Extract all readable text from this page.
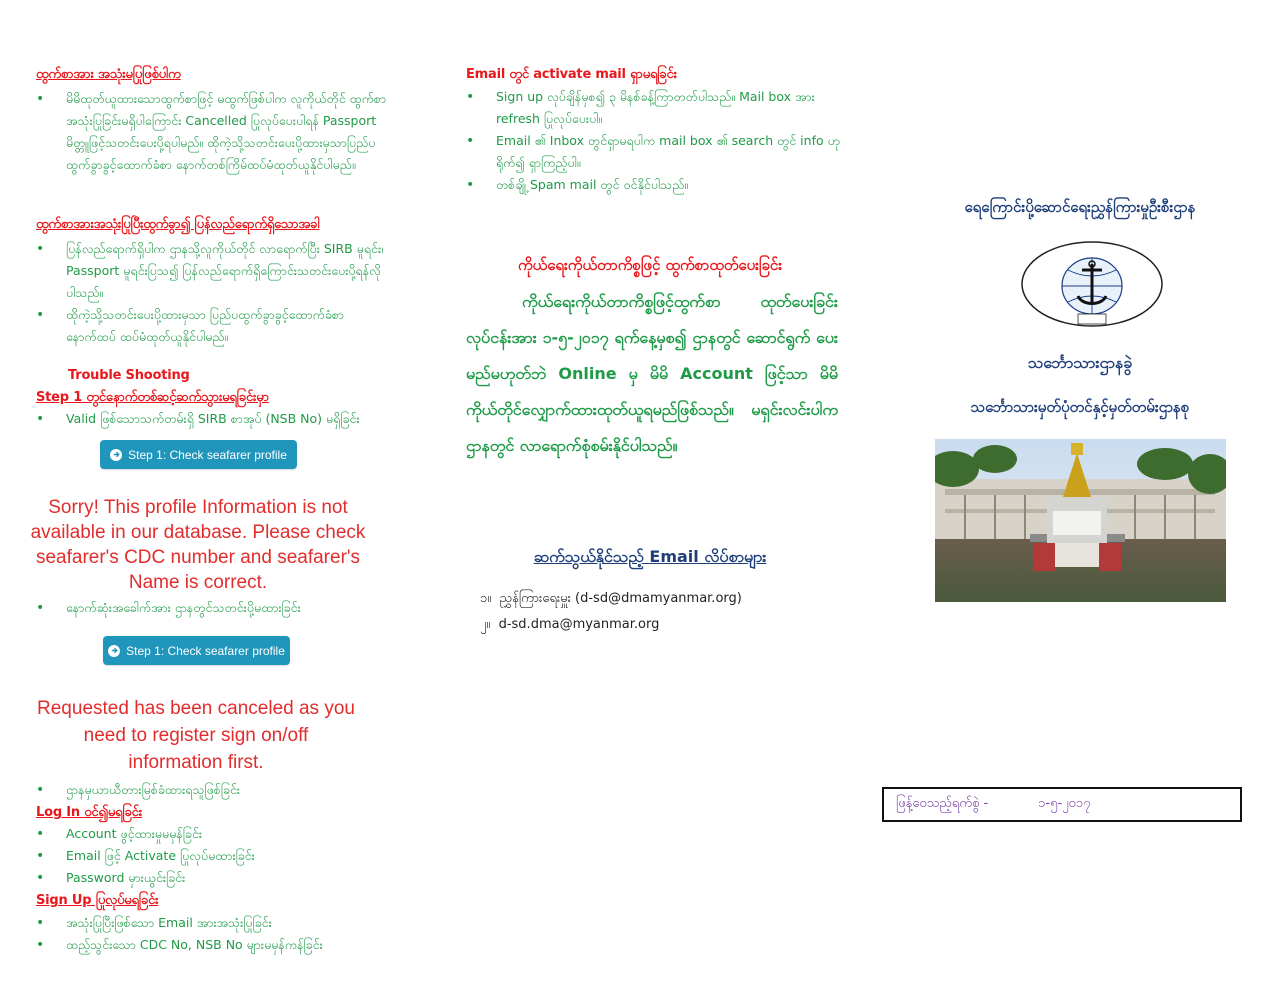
ထွက်စာအား အသုံးမပြုဖြစ်ပါက
• မိမိထုတ်ယူထားသောထွက်စာဖြင့် မထွက်ဖြစ်ပါက လူကိုယ်တိုင် ထွက်စာအသုံးပြုခြင်းမရှိပါကြောင်း Cancelled ပြုလုပ်ပေးပါရန် Passport မိတ္တူဖြင့်သတင်းပေးပို့ရပါမည်။ ထိုကဲ့သို့သတင်းပေးပို့ထားမှသာပြည်ပထွက်ခွာခွင့်ထောက်ခံစာ နောက်တစ်ကြိမ်ထပ်မံထုတ်ယူနိုင်ပါမည်။
ထွက်စာအားအသုံးပြုပြီးထွက်ခွာ၍ ပြန်လည်ရောက်ရှိသောအခါ
• ပြန်လည်ရောက်ရှိပါက ဌာနသို့လူကိုယ်တိုင် လာရောက်ပြီး SIRB မူရင်း၊ Passport မူရင်းပြသ၍ ပြန်လည်ရောက်ရှိကြောင်းသတင်းပေးပို့ရန်လိုပါသည်။
• ထိုကဲ့သို့သတင်းပေးပို့ထားမှသာ ပြည်ပထွက်ခွာခွင့်ထောက်ခံစာ နောက်ထပ် ထပ်မံထုတ်ယူနိုင်ပါမည်။
Trouble Shooting
Step 1 တွင်နောက်တစ်ဆင့်ဆက်သွားမရခြင်းမှာ
• Valid ဖြစ်သောသက်တမ်းရှိ SIRB စာအုပ် (NSB No) မရှိခြင်း
Step 1: Check seafarer profile
Sorry! This profile Information is not available in our database. Please check seafarer's CDC number and seafarer's Name is correct.
• နောက်ဆုံးအခေါက်အား ဌာနတွင်သတင်းပို့မထားခြင်း
Step 1: Check seafarer profile
Requested has been canceled as you need to register sign on/off information first.
• ဌာနမှယာယီတားမြစ်ခံထားရသူဖြစ်ခြင်း
Log In ဝင်၍မရခြင်း
• Account ဖွင့်ထားမှုမမှန်ခြင်း
• Email ဖြင့် Activate ပြုလုပ်မထားခြင်း
• Password မှားယွင်းခြင်း
Sign Up ပြုလုပ်မရခြင်း
• အသုံးပြုပြီးဖြစ်သော Email အားအသုံးပြုခြင်း
• ထည့်သွင်းသော CDC No, NSB No များမမှန်ကန်ခြင်း
Email တွင် activate mail ရှာမရခြင်း
• Sign up လုပ်ချိန်မှစ၍ ၃ မိနစ်ခန့်ကြာတတ်ပါသည်။ Mail box အား refresh ပြုလုပ်ပေးပါ။
• Email ၏ Inbox တွင်ရှာမရပါက mail box ၏ search တွင် info ဟုရိုက်၍ ရှာကြည့်ပါ။
• တစ်ချို့ Spam mail တွင် ဝင်နိုင်ပါသည်။
ကိုယ်ရေးကိုယ်တာကိစ္စဖြင့် ထွက်စာထုတ်ပေးခြင်း
ကိုယ်ရေးကိုယ်တာကိစ္စဖြင့်ထွက်စာ ထုတ်ပေးခြင်း လုပ်ငန်းအား ၁-၅-၂၀၁၇ ရက်နေ့မှစ၍ ဌာနတွင် ဆောင်ရွက် ပေးမည်မဟုတ်ဘဲ Online မှ မိမိ Account ဖြင့်သာ မိမိကိုယ်တိုင်လျှောက်ထားထုတ်ယူရမည်ဖြစ်သည်။ မရှင်းလင်းပါက ဌာနတွင် လာရောက်စုံစမ်းနိုင်ပါသည်။
ဆက်သွယ်နိုင်သည့် Email လိပ်စာများ
၁။ ညွှန်ကြားရေးမှူး (d-sd@dmamyanmar.org)
၂။ d-sd.dma@myanmar.org
ရေကြောင်းပို့ဆောင်ရေးညွှန်ကြားမှုဦးစီးဌာန
သင်္ဘောသားဌာနခွဲ
သင်္ဘောသားမှတ်ပုံတင်နှင့်မှတ်တမ်းဌာနစု
ဖြန့်ဝေသည့်ရက်စွဲ -	၁-၅-၂၀၁၇
